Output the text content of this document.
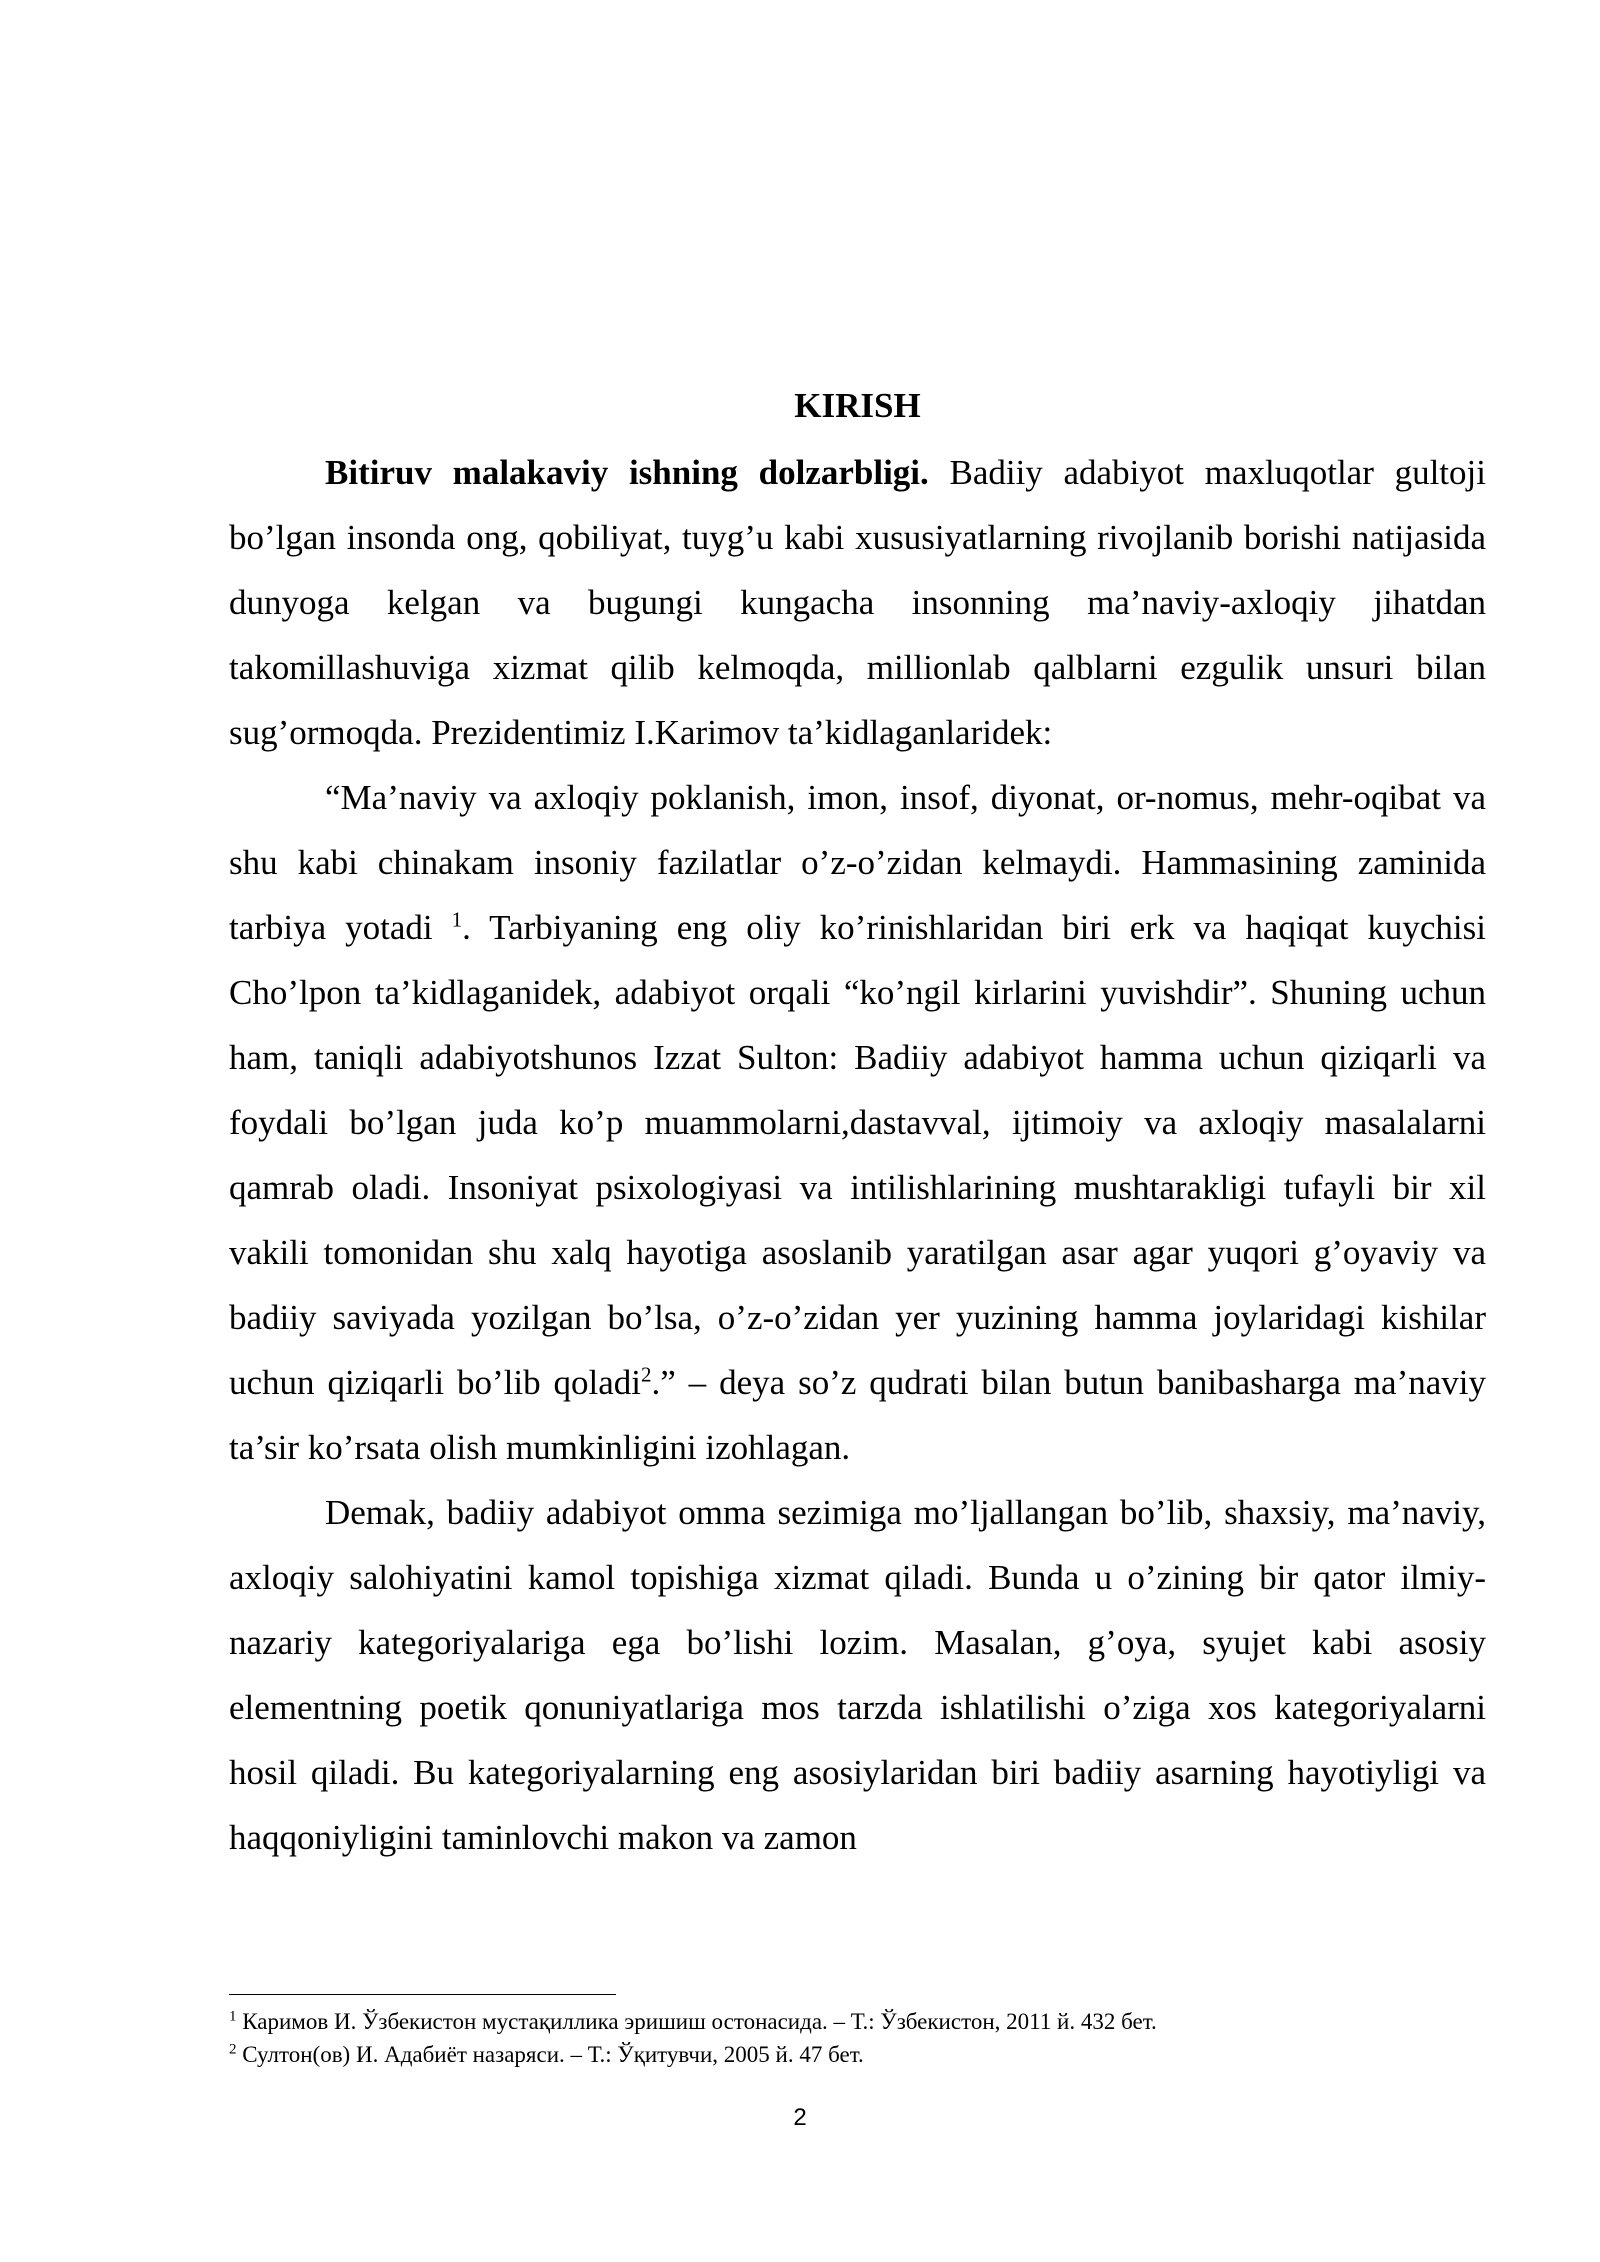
KIRISH

Bitiruv malakaviy ishning dolzarbligi. Badiiy adabiyot maxluqotlar gultoji bo’lgan insonda ong, qobiliyat, tuyg’u kabi xususiyatlarning rivojlanib borishi natijasida dunyoga kelgan va bugungi kungacha insonning ma’naviy-axloqiy jihatdan takomillashuviga xizmat qilib kelmoqda, millionlab qalblarni ezgulik unsuri bilan sug’ormoqda. Prezidentimiz I.Karimov ta’kidlaganlaridek:

“Ma’naviy va axloqiy poklanish, imon, insof, diyonat, or-nomus, mehr-oqibat va shu kabi chinakam insoniy fazilatlar o’z-o’zidan kelmaydi. Hammasining zaminida tarbiya yotadi $^1$. Tarbiyaning eng oliy ko’rinishlaridan biri erk va haqiqat kuychisi Cho’lpon ta’kidlaganidek, adabiyot orqali “ko’ngil kirlarini yuvishdir”. Shuning uchun ham, taniqli adabiyotshunos Izzat Sulton: Badiiy adabiyot hamma uchun qiziqarli va foydali bo’lgan juda ko’p muammolarni,dastavval, ijtimoiy va axloqiy masalalarni qamrab oladi. Insoniyat psixologiyasi va intilishlarining mushtarakligi tufayli bir xil vakili tomonidan shu xalq hayotiga asoslanib yaratilgan asar agar yuqori g’oyaviy va badiiy saviyada yozilgan bo’lsa, o’z-o’zidan yer yuzining hamma joylaridagi kishilar uchun qiziqarli bo’lib qoladi$^2$.” – deya so’z qudrati bilan butun banibasharga ma’naviy ta’sir ko’rsata olish mumkinligini izohlagan.

Demak, badiiy adabiyot omma sezimiga mo’ljallangan bo’lib, shaxsiy, ma’naviy, axloqiy salohiyatini kamol topishiga xizmat qiladi. Bunda u o’zining bir qator ilmiy-nazariy kategoriyalariga ega bo’lishi lozim. Masalan, g’oya, syujet kabi asosiy elementning poetik qonuniyatlariga mos tarzda ishlatilishi o’ziga xos kategoriyalarni hosil qiladi. Bu kategoriyalarning eng asosiylaridan biri badiiy asarning hayotiyligi va haqqoniyligini taminlovchi makon va zamon

$^1$ Каримов И. Ўзбекистон мустақиллика эришиш остонасида. – Т.: Ўзбекистон, 2011 й. 432 бет.

$^2$ Султон(ов) И. Адабиёт назаряси. – Т.: Ўқитувчи, 2005 й. 47 бет.

2
